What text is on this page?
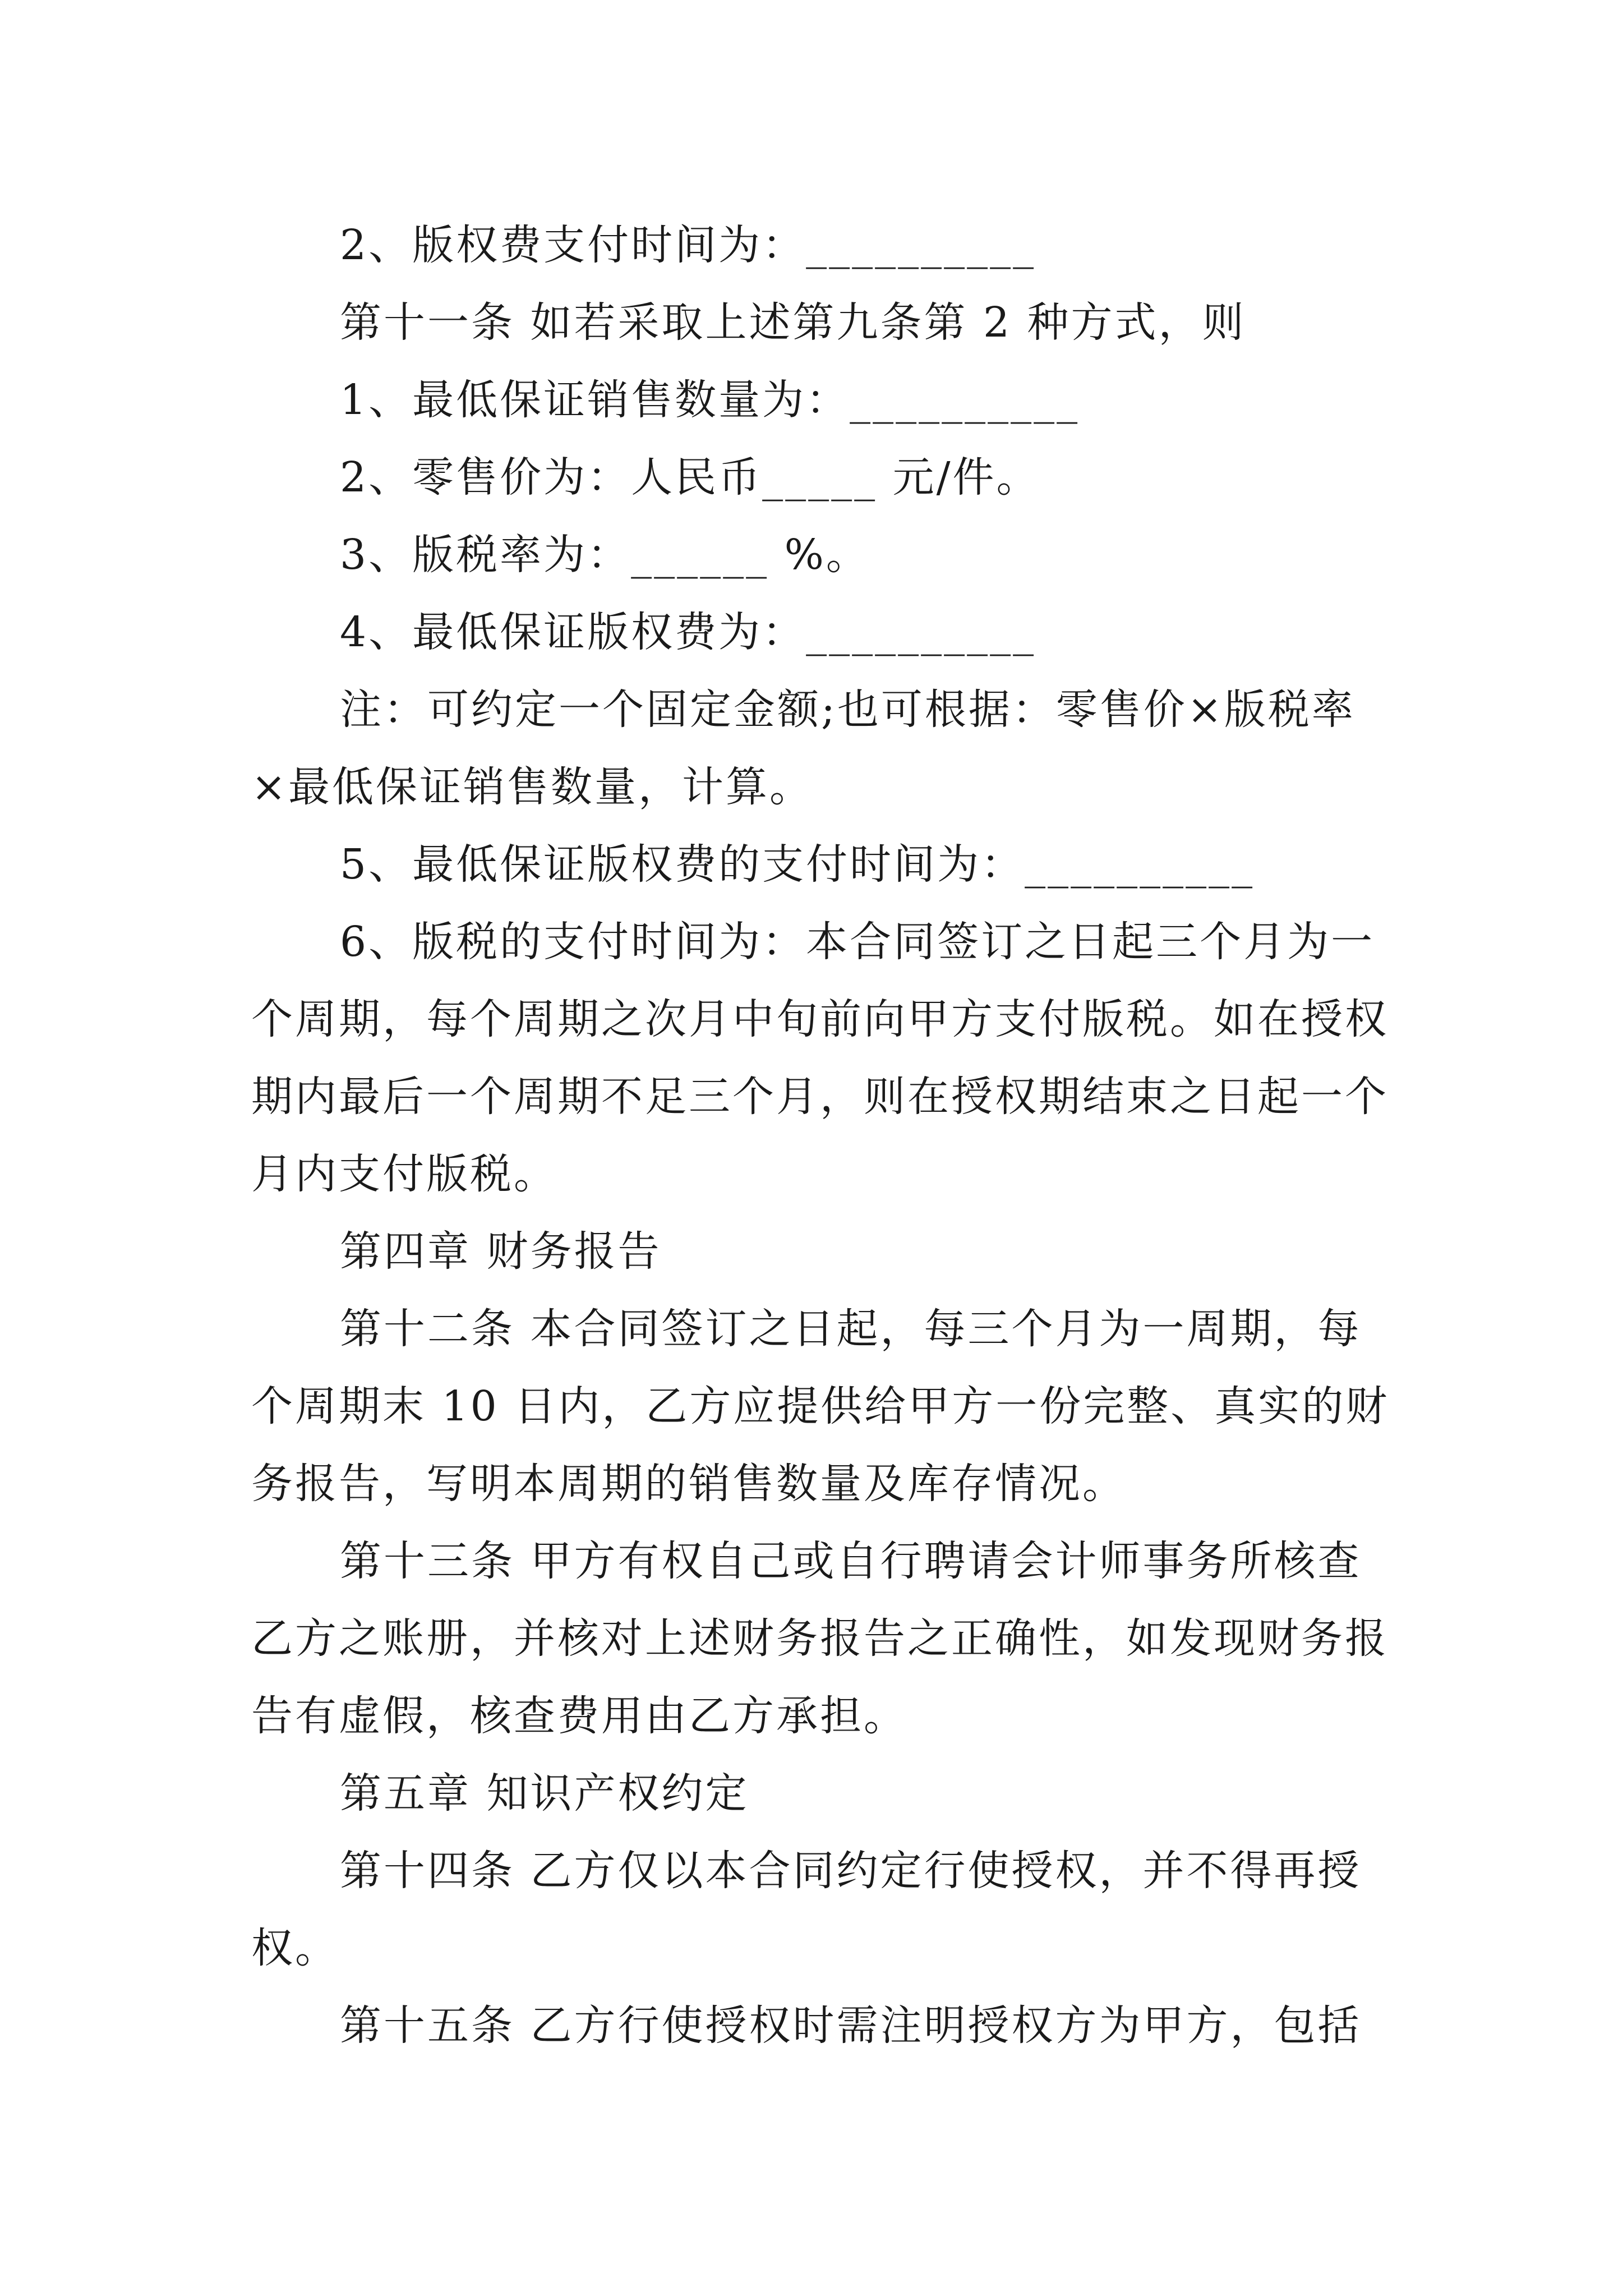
2、版权费支付时间为：__________
第十一条 如若采取上述第九条第 2 种方式，则
1、最低保证销售数量为：__________
2、零售价为：人民币_____ 元/件。
3、版税率为：______ %。
4、最低保证版权费为：__________
注：可约定一个固定金额;也可根据：零售价×版税率
×最低保证销售数量，计算。
5、最低保证版权费的支付时间为：__________
6、版税的支付时间为：本合同签订之日起三个月为一
个周期，每个周期之次月中旬前向甲方支付版税。如在授权
期内最后一个周期不足三个月，则在授权期结束之日起一个
月内支付版税。
第四章 财务报告
第十二条 本合同签订之日起，每三个月为一周期，每
个周期末 10 日内，乙方应提供给甲方一份完整、真实的财
务报告，写明本周期的销售数量及库存情况。
第十三条 甲方有权自己或自行聘请会计师事务所核查
乙方之账册，并核对上述财务报告之正确性，如发现财务报
告有虚假，核查费用由乙方承担。
第五章 知识产权约定
第十四条 乙方仅以本合同约定行使授权，并不得再授
权。
第十五条 乙方行使授权时需注明授权方为甲方，包括
